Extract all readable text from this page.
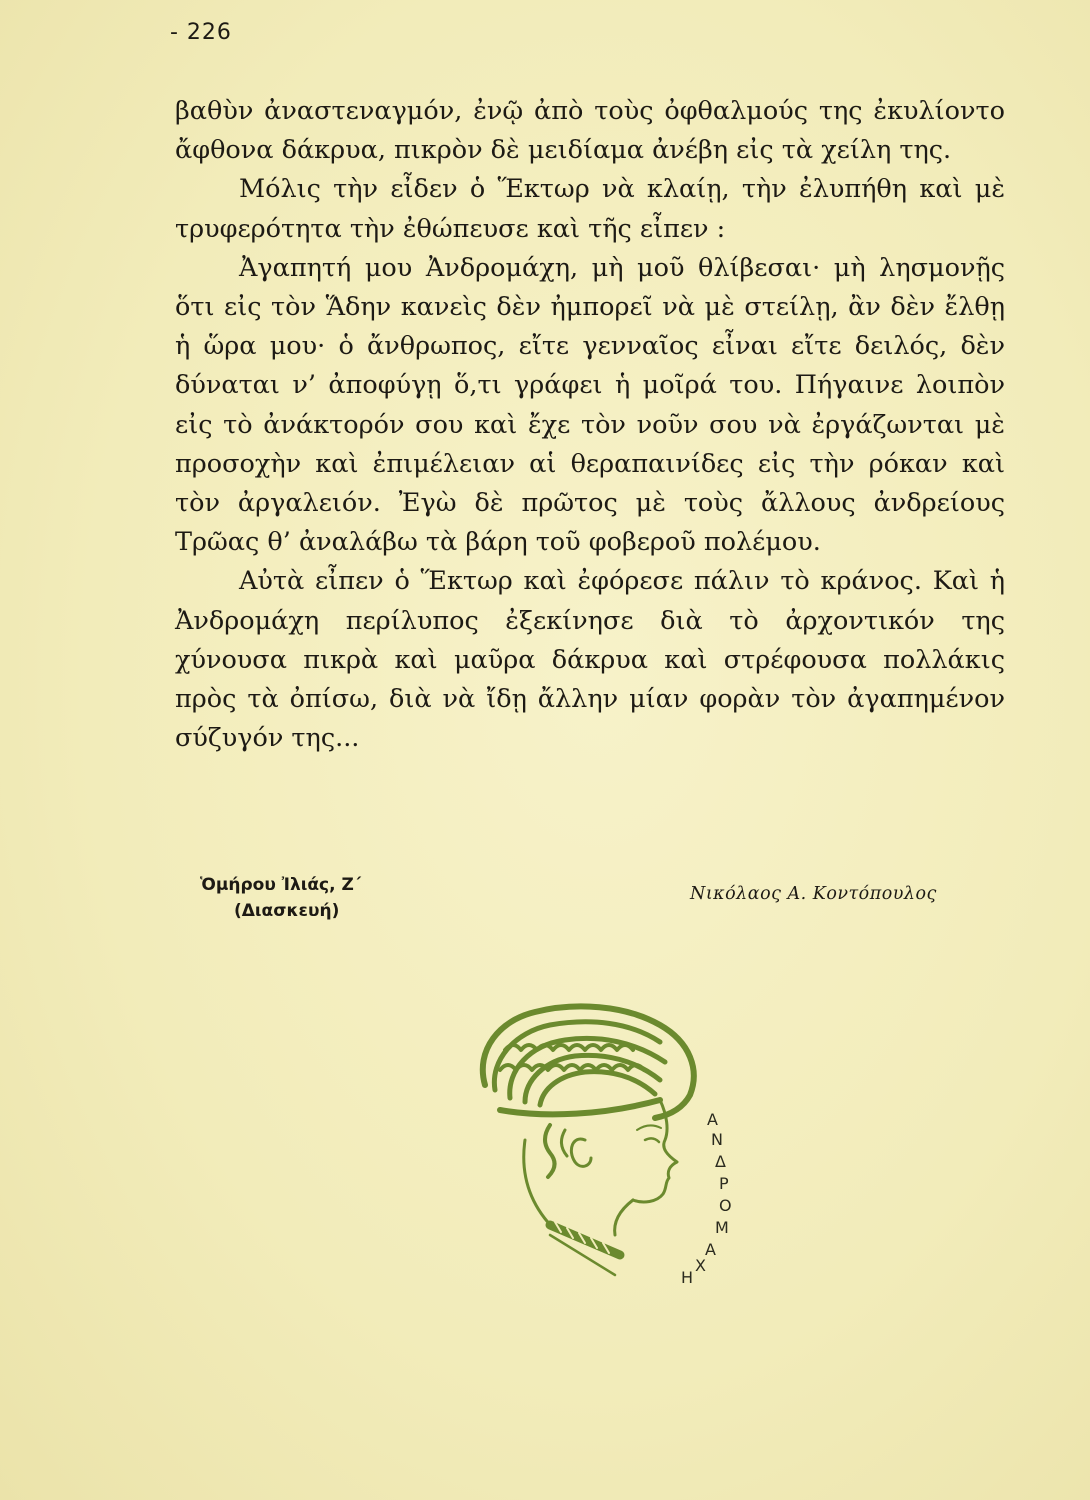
- 226

βαθὺν ἀναστεναγμόν, ἐνῷ ἀπὸ τοὺς ὀφθαλμούς της ἐκυλίοντο ἄφθονα δάκρυα, πικρὸν δὲ μειδίαμα ἀνέβη εἰς τὰ χείλη της.

Μόλις τὴν εἶδεν ὁ Ἕκτωρ νὰ κλαίῃ, τὴν ἐλυπήθη καὶ μὲ τρυφερότητα τὴν ἐθώπευσε καὶ τῆς εἶπεν :

Ἀγαπητή μου Ἀνδρομάχη, μὴ μοῦ θλίβεσαι· μὴ λησμονῇς ὅτι εἰς τὸν Ἅδην κανεὶς δὲν ἠμπορεῖ νὰ μὲ στείλῃ, ἂν δὲν ἔλθῃ ἡ ὥρα μου· ὁ ἄνθρωπος, εἴτε γενναῖος εἶναι εἴτε δειλός, δὲν δύναται ν’ ἀποφύγῃ ὅ,τι γράφει ἡ μοῖρά του. Πήγαινε λοιπὸν εἰς τὸ ἀνάκτορόν σου καὶ ἔχε τὸν νοῦν σου νὰ ἐργάζωνται μὲ προσοχὴν καὶ ἐπιμέλειαν αἱ θεραπαινίδες εἰς τὴν ρόκαν καὶ τὸν ἀργαλειόν. Ἐγὼ δὲ πρῶτος μὲ τοὺς ἄλλους ἀνδρείους Τρῶας θ’ ἀναλάβω τὰ βάρη τοῦ φοβεροῦ πολέμου.

Αὐτὰ εἶπεν ὁ Ἕκτωρ καὶ ἐφόρεσε πάλιν τὸ κράνος. Καὶ ἡ Ἀνδρομάχη περίλυπος ἐξεκίνησε διὰ τὸ ἀρχοντικόν της χύνουσα πικρὰ καὶ μαῦρα δάκρυα καὶ στρέφουσα πολλάκις πρὸς τὰ ὀπίσω, διὰ νὰ ἴδῃ ἄλλην μίαν φορὰν τὸν ἀγαπημένον σύζυγόν της...

Ὁμήρου Ἰλιάς, Ζ΄
(Διασκευή)
Νικόλαος Α. Κοντόπουλος
Α
Ν
Δ
Ρ
Ο
Μ
Α
Χ
Η
